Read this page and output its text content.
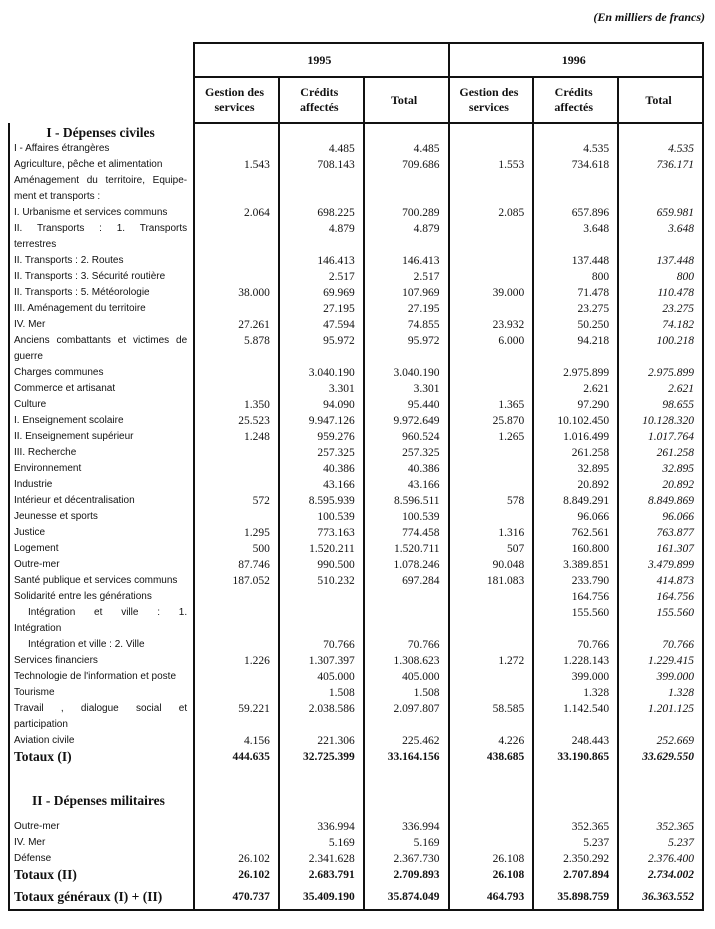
(En milliers de francs)
	1995			1996		
	Gestion des services	Crédits affectés	Total	Gestion des services	Crédits affectés	Total
I - Dépenses civiles						
I - Affaires étrangères		4.485	4.485		4.535	4.535
Agriculture, pêche et alimentation	1.543	708.143	709.686	1.553	734.618	736.171
Aménagement du territoire, Equipe-						
ment et transports :						
I. Urbanisme et services communs	2.064	698.225	700.289	2.085	657.896	659.981
II. Transports : 1. Transports		4.879	4.879		3.648	3.648
terrestres						
II. Transports : 2. Routes		146.413	146.413		137.448	137.448
II. Transports : 3. Sécurité routière		2.517	2.517		800	800
II. Transports : 5. Météorologie	38.000	69.969	107.969	39.000	71.478	110.478
III. Aménagement du territoire		27.195	27.195		23.275	23.275
IV. Mer	27.261	47.594	74.855	23.932	50.250	74.182
Anciens combattants et victimes de	5.878	95.972	95.972	6.000	94.218	100.218
guerre						
Charges communes		3.040.190	3.040.190		2.975.899	2.975.899
Commerce et artisanat		3.301	3.301		2.621	2.621
Culture	1.350	94.090	95.440	1.365	97.290	98.655
I. Enseignement scolaire	25.523	9.947.126	9.972.649	25.870	10.102.450	10.128.320
II. Enseignement supérieur	1.248	959.276	960.524	1.265	1.016.499	1.017.764
III. Recherche		257.325	257.325		261.258	261.258
Environnement		40.386	40.386		32.895	32.895
Industrie		43.166	43.166		20.892	20.892
Intérieur et décentralisation	572	8.595.939	8.596.511	578	8.849.291	8.849.869
Jeunesse et sports		100.539	100.539		96.066	96.066
Justice	1.295	773.163	774.458	1.316	762.561	763.877
Logement	500	1.520.211	1.520.711	507	160.800	161.307
Outre-mer	87.746	990.500	1.078.246	90.048	3.389.851	3.479.899
Santé publique et services communs	187.052	510.232	697.284	181.083	233.790	414.873
Solidarité entre les générations					164.756	164.756
Intégration et ville : 1.					155.560	155.560
Intégration						
Intégration et ville : 2. Ville		70.766	70.766		70.766	70.766
Services financiers	1.226	1.307.397	1.308.623	1.272	1.228.143	1.229.415
Technologie de l'information et poste		405.000	405.000		399.000	399.000
Tourisme		1.508	1.508		1.328	1.328
Travail , dialogue social et	59.221	2.038.586	2.097.807	58.585	1.142.540	1.201.125
participation						
Aviation civile	4.156	221.306	225.462	4.226	248.443	252.669
Totaux (I)	444.635	32.725.399	33.164.156	438.685	33.190.865	33.629.550

II - Dépenses militaires						
Outre-mer		336.994	336.994		352.365	352.365
IV. Mer		5.169	5.169		5.237	5.237
Défense	26.102	2.341.628	2.367.730	26.108	2.350.292	2.376.400
Totaux (II)	26.102	2.683.791	2.709.893	26.108	2.707.894	2.734.002
Totaux généraux (I) + (II)	470.737	35.409.190	35.874.049	464.793	35.898.759	36.363.552
